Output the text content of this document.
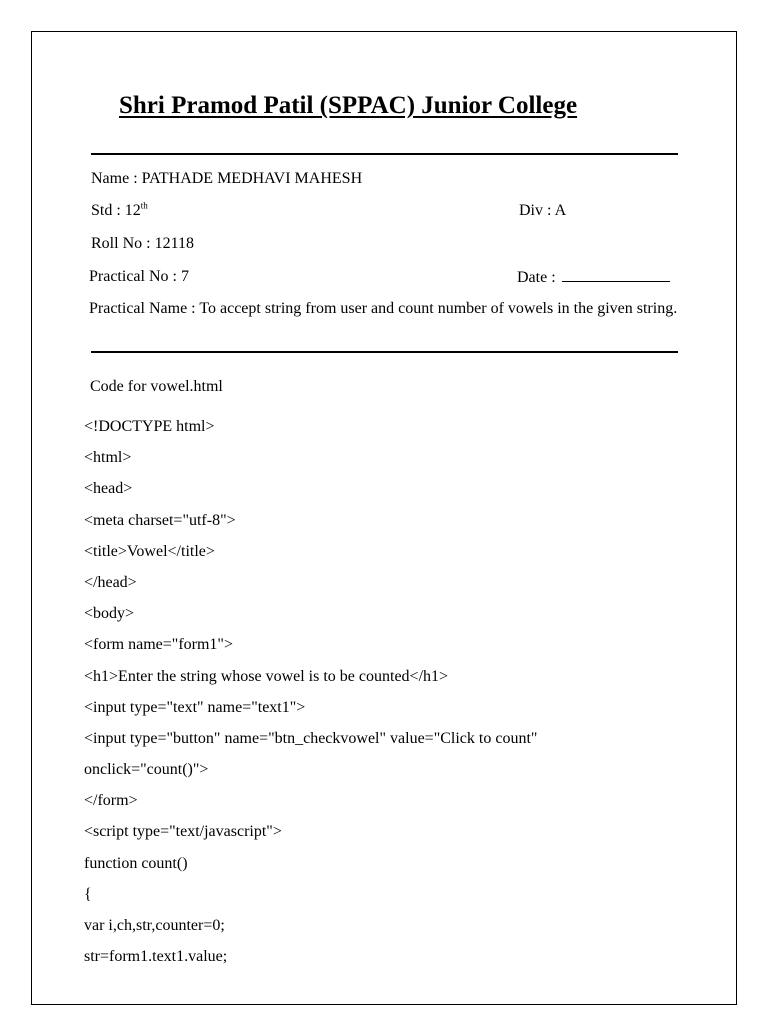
Shri Pramod Patil (SPPAC) Junior College
Name : PATHADE MEDHAVI MAHESH
Std : 12th	Div : A
Roll No : 12118
Practical No : 7	Date :
Practical Name : To accept string from user and count number of vowels in the given string.
Code for vowel.html
<!DOCTYPE html>
<html>
<head>
<meta charset="utf-8">
<title>Vowel</title>
</head>
<body>
<form name="form1">
<h1>Enter the string whose vowel is to be counted</h1>
<input type="text" name="text1">
<input type="button" name="btn_checkvowel" value="Click to count"
onclick="count()">
</form>
<script type="text/javascript">
function count()
{
var i,ch,str,counter=0;
str=form1.text1.value;
